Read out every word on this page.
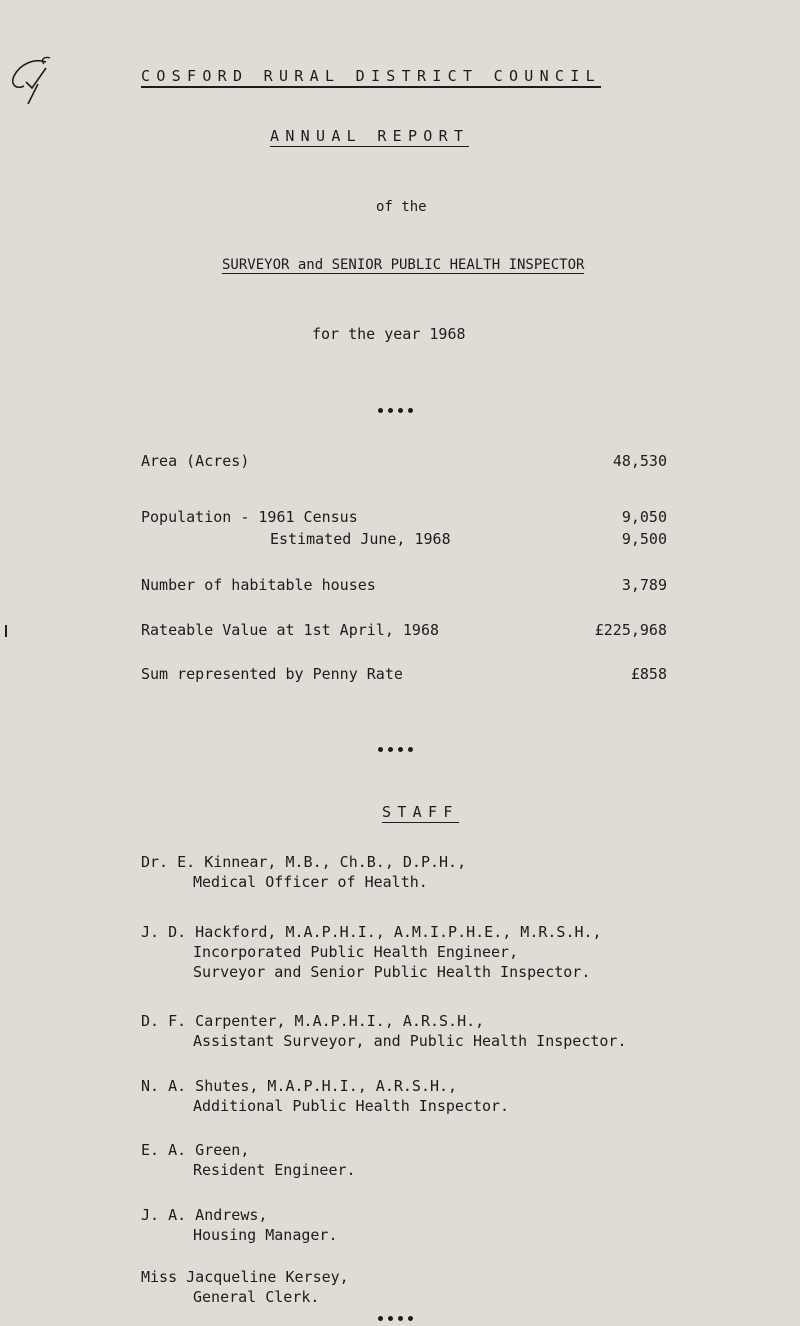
COSFORD RURAL DISTRICT COUNCIL
ANNUAL REPORT
of the
SURVEYOR and SENIOR PUBLIC HEALTH INSPECTOR
for the year 1968
Area (Acres)	48,530
Population - 1961 Census	9,050
Estimated June, 1968	9,500
Number of habitable houses	3,789
Rateable Value at 1st April, 1968	£225,968
Sum represented by Penny Rate	£858
STAFF
Dr. E. Kinnear, M.B., Ch.B., D.P.H.,
Medical Officer of Health.
J. D. Hackford, M.A.P.H.I., A.M.I.P.H.E., M.R.S.H.,
Incorporated Public Health Engineer,
Surveyor and Senior Public Health Inspector.
D. F. Carpenter, M.A.P.H.I., A.R.S.H.,
Assistant Surveyor, and Public Health Inspector.
N. A. Shutes, M.A.P.H.I., A.R.S.H.,
Additional Public Health Inspector.
E. A. Green,
Resident Engineer.
J. A. Andrews,
Housing Manager.
Miss Jacqueline Kersey,
General Clerk.
